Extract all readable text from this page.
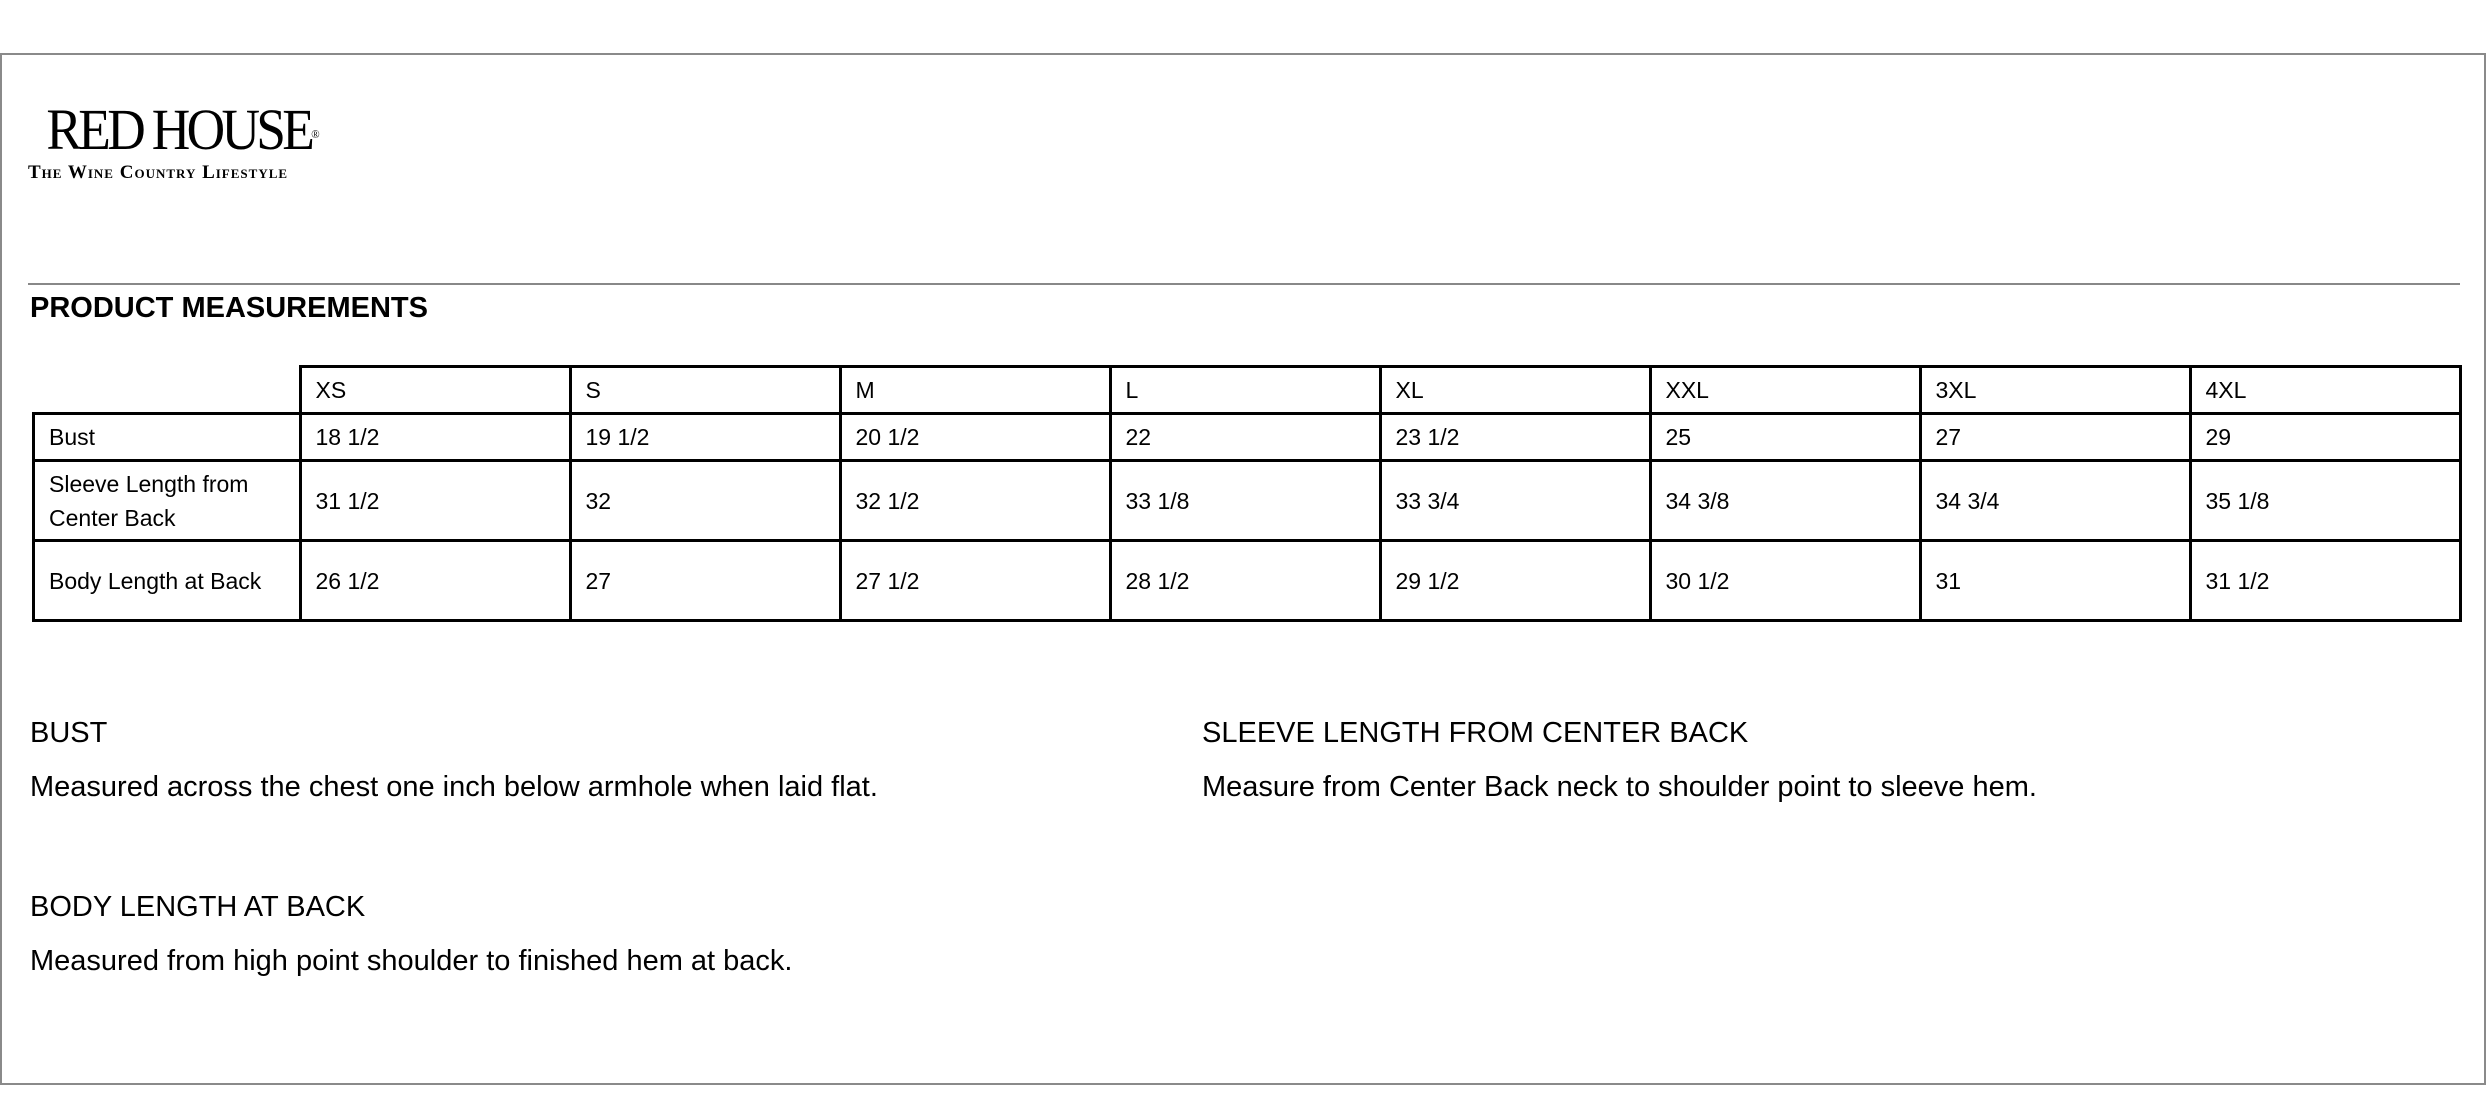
RED HOUSE®
The Wine Country Lifestyle
PRODUCT MEASUREMENTS
	XS	S	M	L	XL	XXL	3XL	4XL
Bust	18 1/2	19 1/2	20 1/2	22	23 1/2	25	27	29
Sleeve Length from Center Back	31 1/2	32	32 1/2	33 1/8	33 3/4	34 3/8	34 3/4	35 1/8
Body Length at Back	26 1/2	27	27 1/2	28 1/2	29 1/2	30 1/2	31	31 1/2
BUST
Measured across the chest one inch below armhole when laid flat.
SLEEVE LENGTH FROM CENTER BACK
Measure from Center Back neck to shoulder point to sleeve hem.
BODY LENGTH AT BACK
Measured from high point shoulder to finished hem at back.
